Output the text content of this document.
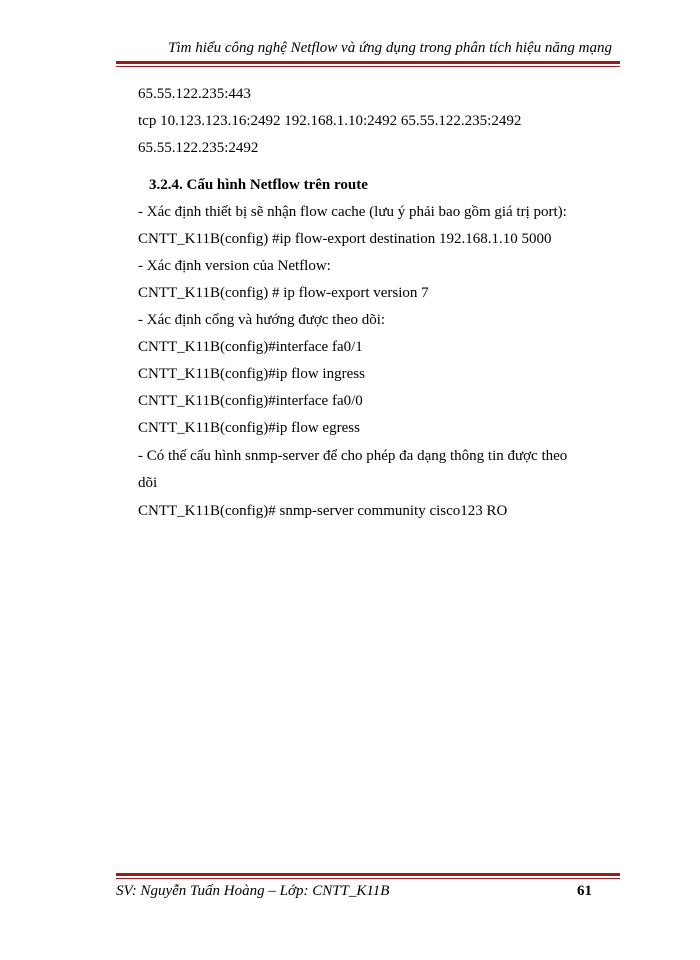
Tìm hiểu công nghệ Netflow và ứng dụng trong phân tích hiệu năng mạng
65.55.122.235:443
tcp 10.123.123.16:2492 192.168.1.10:2492 65.55.122.235:2492
65.55.122.235:2492
3.2.4. Cấu hình Netflow trên route
- Xác định thiết bị sẽ nhận flow cache (lưu ý phải bao gồm giá trị port):
CNTT_K11B(config) #ip flow-export destination 192.168.1.10 5000
- Xác định version của Netflow:
CNTT_K11B(config) # ip flow-export version 7
- Xác định cổng và hướng được theo dõi:
CNTT_K11B(config)#interface fa0/1
CNTT_K11B(config)#ip flow ingress
CNTT_K11B(config)#interface fa0/0
CNTT_K11B(config)#ip flow egress
- Có thể cấu hình snmp-server để cho phép đa dạng thông tin được theo
dõi
CNTT_K11B(config)# snmp-server community cisco123 RO
SV: Nguyễn Tuấn Hoàng – Lớp: CNTT_K11B	61
